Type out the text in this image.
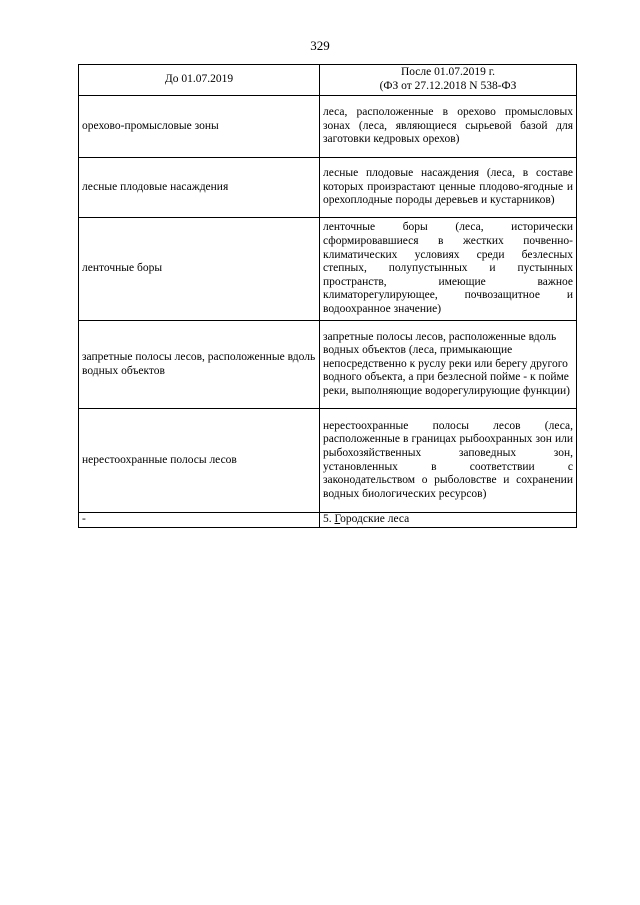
329
До 01.07.2019	После 01.07.2019 г.
(ФЗ от 27.12.2018 N 538-ФЗ

орехово-промысловые зоны	леса, расположенные в орехово промысловых зонах (леса, являющиеся сырьевой базой для заготовки кедровых орехов)
лесные плодовые насаждения	лесные плодовые насаждения (леса, в составе которых произрастают ценные плодово-ягодные и орехоплодные породы деревьев и кустарников)
ленточные боры	ленточные боры (леса, исторически сформировавшиеся в жестких почвенно-климатических условиях среди безлесных степных, полупустынных и пустынных пространств, имеющие важное климаторегулирующее, почвозащитное и водоохранное значение)
запретные полосы лесов, расположенные вдоль водных объектов	запретные полосы лесов, расположенные вдоль водных объектов (леса, примыкающие непосредственно к руслу реки или берегу другого водного объекта, а при безлесной пойме - к пойме реки, выполняющие водорегулирующие функции)
нерестоохранные полосы лесов	нерестоохранные полосы лесов (леса, расположенные в границах рыбоохранных зон или рыбохозяйственных заповедных зон, установленных в соответствии с законодательством о рыболовстве и сохранении водных биологических ресурсов)
-	5. Городские леса
